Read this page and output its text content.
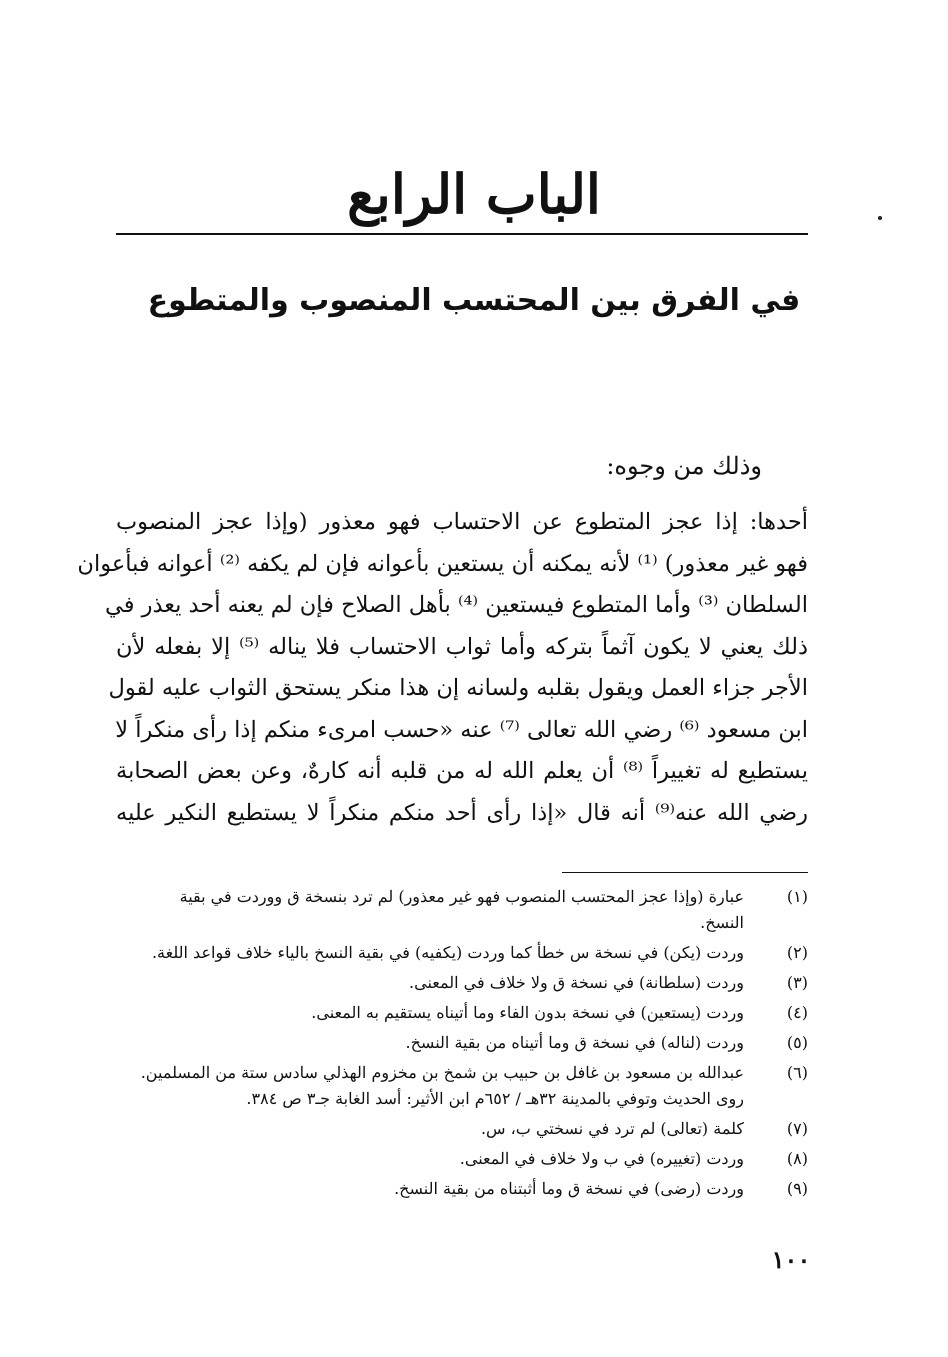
الباب الرابع
في الفرق بين المحتسب المنصوب والمتطوع

وذلك من وجوه:

أحدها: إذا عجز المتطوع عن الاحتساب فهو معذور (وإذا عجز المنصوب
فهو غير معذور) ⁽¹⁾ لأنه يمكنه أن يستعين بأعوانه فإن لم يكفه ⁽²⁾ أعوانه فبأعوان
السلطان ⁽³⁾ وأما المتطوع فيستعين ⁽⁴⁾ بأهل الصلاح فإن لم يعنه أحد يعذر في
ذلك يعني لا يكون آثماً بتركه وأما ثواب الاحتساب فلا يناله ⁽⁵⁾ إلا بفعله لأن
الأجر جزاء العمل ويقول بقلبه ولسانه إن هذا منكر يستحق الثواب عليه لقول
ابن مسعود ⁽⁶⁾ رضي الله تعالى ⁽⁷⁾ عنه «حسب امرىء منكم إذا رأى منكراً لا
يستطيع له تغييراً ⁽⁸⁾ أن يعلم الله له من قلبه أنه كارهٌ، وعن بعض الصحابة
رضي الله عنه⁽⁹⁾ أنه قال «إذا رأى أحد منكم منكراً لا يستطيع النكير عليه
(١)
عبارة (وإذا عجز المحتسب المنصوب فهو غير معذور) لم ترد بنسخة ق ووردت في بقية
النسخ.
(٢)
وردت (يكن) في نسخة س خطأ كما وردت (يكفيه) في بقية النسخ بالياء خلاف قواعد اللغة.
(٣)
وردت (سلطانة) في نسخة ق ولا خلاف في المعنى.
(٤)
وردت (يستعين) في نسخة بدون الفاء وما أتيناه يستقيم به المعنى.
(٥)
وردت (لناله) في نسخة ق وما أتيناه من بقية النسخ.
(٦)
عبدالله بن مسعود بن غافل بن حبيب بن شمخ بن مخزوم الهذلي سادس ستة من المسلمين.
روى الحديث وتوفي بالمدينة ٣٢هـ / ٦٥٢م ابن الأثير: أسد الغابة جـ٣ ص ٣٨٤.
(٧)
كلمة (تعالى) لم ترد في نسختي ب، س.
(٨)
وردت (تغييره) في ب ولا خلاف في المعنى.
(٩)
وردت (رضى) في نسخة ق وما أثبتناه من بقية النسخ.
١٠٠
